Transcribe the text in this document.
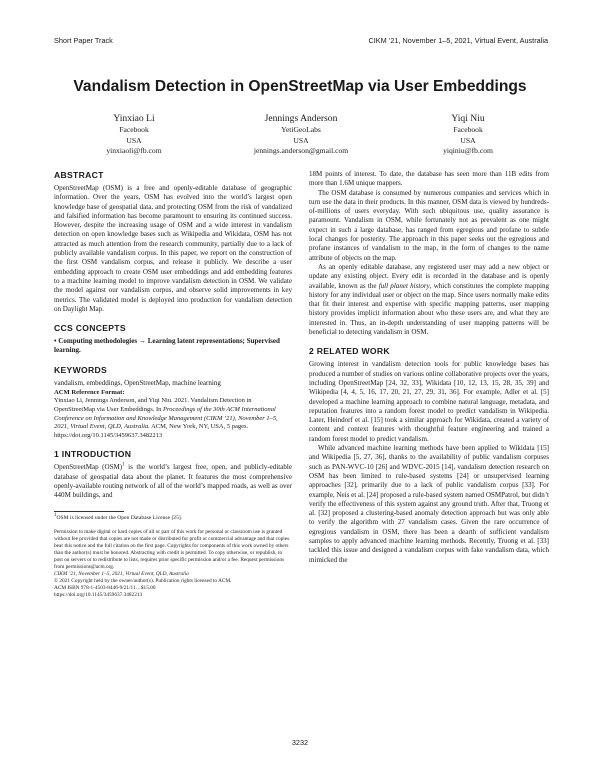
Short Paper Track	CIKM ’21, November 1–5, 2021, Virtual Event, Australia
Vandalism Detection in OpenStreetMap via User Embeddings
Yinxiao Li
Facebook
USA
yinxiaoli@fb.com
Jennings Anderson
YetiGeoLabs
USA
jennings.anderson@gmail.com
Yiqi Niu
Facebook
USA
yiqiniu@fb.com
ABSTRACT

OpenStreetMap (OSM) is a free and openly-editable database of geographic information. Over the years, OSM has evolved into the world’s largest open knowledge base of geospatial data, and protecting OSM from the risk of vandalized and falsified information has become paramount to ensuring its continued success. However, despite the increasing usage of OSM and a wide interest in vandalism detection on open knowledge bases such as Wikipedia and Wikidata, OSM has not attracted as much attention from the research community, partially due to a lack of publicly available vandalism corpus. In this paper, we report on the construction of the first OSM vandalism corpus, and release it publicly. We describe a user embedding approach to create OSM user embeddings and add embedding features to a machine learning model to improve vandalism detection in OSM. We validate the model against our vandalism corpus, and observe solid improvements in key metrics. The validated model is deployed into production for vandalism detection on Daylight Map.

CCS CONCEPTS

• Computing methodologies → Learning latent representations; Supervised learning.

KEYWORDS

vandalism, embeddings, OpenStreetMap, machine learning

ACM Reference Format:

Yinxiao Li, Jennings Anderson, and Yiqi Niu. 2021. Vandalism Detection in OpenStreetMap via User Embeddings. In Proceedings of the 30th ACM International Conference on Information and Knowledge Management (CIKM ’21), November 1–5, 2021, Virtual Event, QLD, Australia. ACM, New York, NY, USA, 5 pages. https://doi.org/10.1145/3459637.3482213

1 INTRODUCTION

OpenStreetMap (OSM)$^1$ is the world’s largest free, open, and publicly-editable database of geospatial data about the planet. It features the most comprehensive openly-available routing network of all of the world’s mapped roads, as well as over 440M buildings, and

$^1$OSM is licensed under the Open Database License [25].

Permission to make digital or hard copies of all or part of this work for personal or classroom use is granted without fee provided that copies are not made or distributed for profit or commercial advantage and that copies bear this notice and the full citation on the first page. Copyrights for components of this work owned by others than the author(s) must be honored. Abstracting with credit is permitted. To copy otherwise, or republish, to post on servers or to redistribute to lists, requires prior specific permission and/or a fee. Request permissions from permissions@acm.org.
CIKM ’21, November 1–5, 2021, Virtual Event, QLD, Australia
© 2021 Copyright held by the owner/author(s). Publication rights licensed to ACM.
ACM ISBN 978-1-4503-8446-9/21/11…$15.00
https://doi.org/10.1145/3459637.3482213

18M points of interest. To date, the database has seen more than 11B edits from more than 1.6M unique mappers.

The OSM database is consumed by numerous companies and services which in turn use the data in their products. In this manner, OSM data is viewed by hundreds-of-millions of users everyday. With such ubiquitous use, quality assurance is paramount. Vandalism in OSM, while fortunately not as prevalent as one might expect in such a large database, has ranged from egregious and profane to subtle local changes for posterity. The approach in this paper seeks out the egregious and profane instances of vandalism to the map, in the form of changes to the name attribute of objects on the map.

As an openly editable database, any registered user may add a new object or update any existing object. Every edit is recorded in the database and is openly available, known as the full planet history, which constitutes the complete mapping history for any individual user or object on the map. Since users normally make edits that fit their interest and expertise with specific mapping patterns, user mapping history provides implicit information about who these users are, and what they are interested in. Thus, an in-depth understanding of user mapping patterns will be beneficial to detecting vandalism in OSM.

2 RELATED WORK

Growing interest in vandalism detection tools for public knowledge bases has produced a number of studies on various online collaborative projects over the years, including OpenStreetMap [24, 32, 33], Wikidata [10, 12, 13, 15, 28, 35, 39] and Wikipedia [4, 4, 5, 16, 17, 20, 21, 27, 29, 31, 36]. For example, Adler et al. [5] developed a machine learning approach to combine natural language, metadata, and reputation features into a random forest model to predict vandalism in Wikipedia. Later, Heindorf et al. [15] took a similar approach for Wikidata, created a variety of content and context features with thoughtful feature engineering and trained a random forest model to predict vandalism.

While advanced machine learning methods have been applied to Wikidata [15] and Wikipedia [5, 27, 36], thanks to the availability of public vandalism corpuses such as PAN-WVC-10 [26] and WDVC-2015 [14], vandalism detection research on OSM has been limited to rule-based systems [24] or unsupervised learning approaches [32], primarily due to a lack of public vandalism corpus [33]. For example, Neis et al. [24] proposed a rule-based system named OSMPatrol, but didn’t verify the effectiveness of this system against any ground truth. After that, Truong et al. [32] proposed a clustering-based anomaly detection approach but was only able to verify the algorithm with 27 vandalism cases. Given the rare occurrence of egregious vandalism in OSM, there has been a dearth of sufficient vandalism samples to apply advanced machine learning methods. Recently, Truong et al. [33] tackled this issue and designed a vandalism corpus with fake vandalism data, which mimicked the

3232
